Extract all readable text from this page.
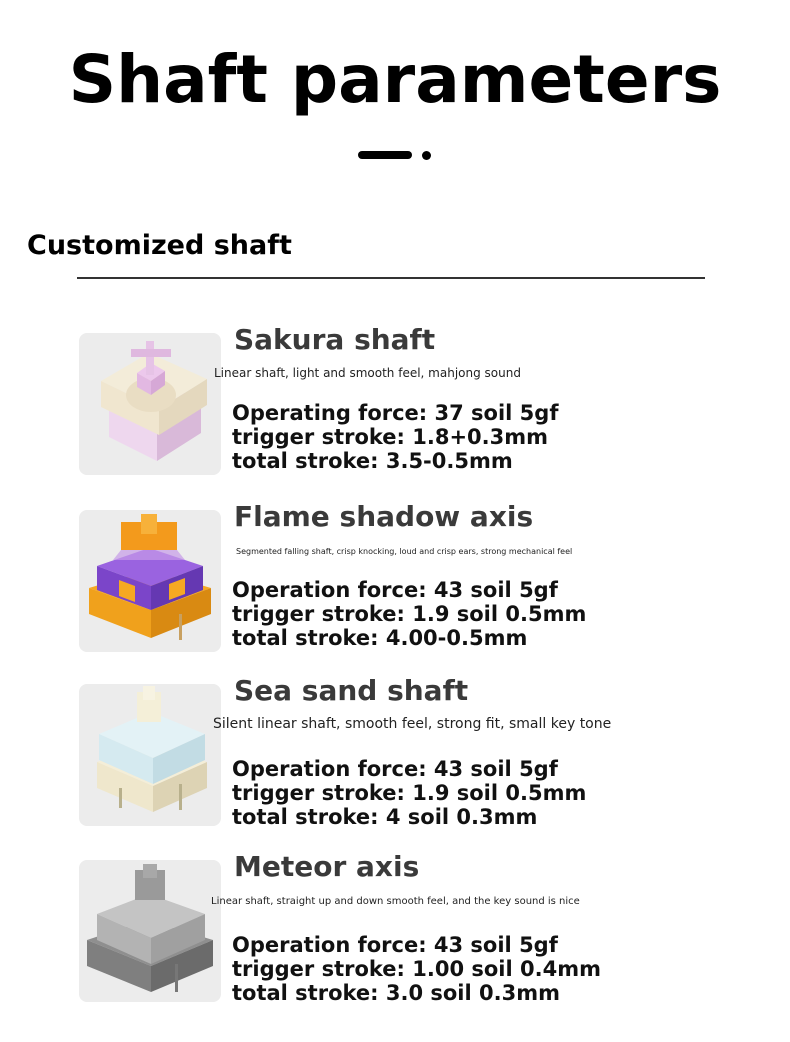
Shaft parameters
Customized shaft
Sakura shaft
Linear shaft, light and smooth feel, mahjong sound
Operating force: 37 soil 5gf
trigger stroke: 1.8+0.3mm
total stroke: 3.5-0.5mm
Flame shadow axis
Segmented falling shaft, crisp knocking, loud and crisp ears, strong mechanical feel
Operation force: 43 soil 5gf
trigger stroke: 1.9 soil 0.5mm
total stroke: 4.00-0.5mm
Sea sand shaft
Silent linear shaft, smooth feel, strong fit, small key tone
Operation force: 43 soil 5gf
trigger stroke: 1.9 soil 0.5mm
total stroke: 4 soil 0.3mm
Meteor axis
Linear shaft, straight up and down smooth feel, and the key sound is nice
Operation force: 43 soil 5gf
trigger stroke: 1.00 soil 0.4mm
total stroke: 3.0 soil 0.3mm
